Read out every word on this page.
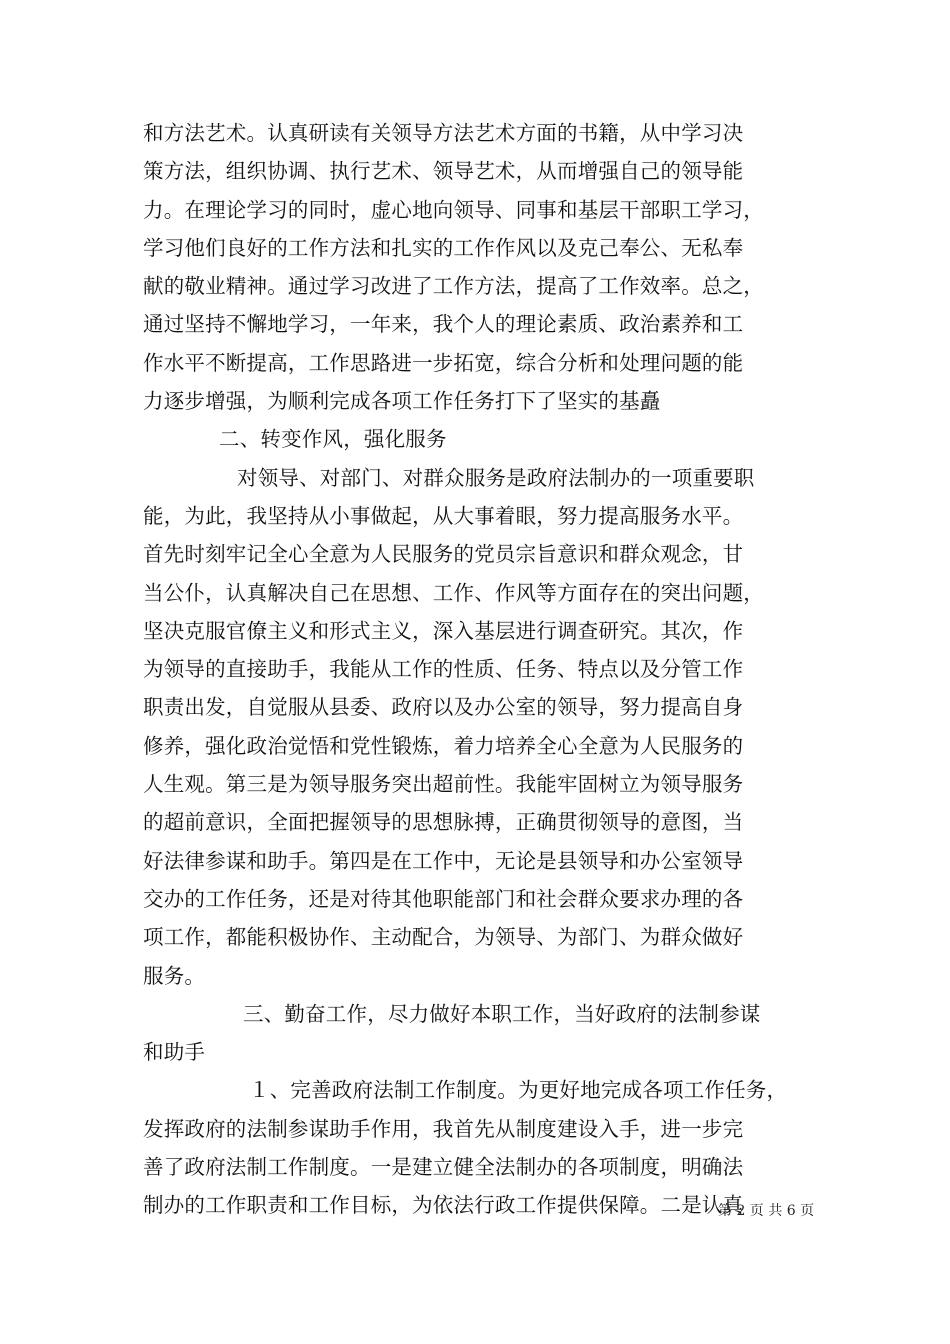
和方法艺术。认真研读有关领导方法艺术方面的书籍，从中学习决
策方法，组织协调、执行艺术、领导艺术，从而增强自己的领导能
力。在理论学习的同时，虚心地向领导、同事和基层干部职工学习，
学习他们良好的工作方法和扎实的工作作风以及克己奉公、无私奉
献的敬业精神。通过学习改进了工作方法，提高了工作效率。总之，
通过坚持不懈地学习，一年来，我个人的理论素质、政治素养和工
作水平不断提高，工作思路进一步拓宽，综合分析和处理问题的能
力逐步增强，为顺利完成各项工作任务打下了坚实的基矗
二、转变作风，强化服务
对领导、对部门、对群众服务是政府法制办的一项重要职
能，为此，我坚持从小事做起，从大事着眼，努力提高服务水平。
首先时刻牢记全心全意为人民服务的党员宗旨意识和群众观念，甘
当公仆，认真解决自己在思想、工作、作风等方面存在的突出问题，
坚决克服官僚主义和形式主义，深入基层进行调查研究。其次，作
为领导的直接助手，我能从工作的性质、任务、特点以及分管工作
职责出发，自觉服从县委、政府以及办公室的领导，努力提高自身
修养，强化政治觉悟和党性锻炼，着力培养全心全意为人民服务的
人生观。第三是为领导服务突出超前性。我能牢固树立为领导服务
的超前意识，全面把握领导的思想脉搏，正确贯彻领导的意图，当
好法律参谋和助手。第四是在工作中，无论是县领导和办公室领导
交办的工作任务，还是对待其他职能部门和社会群众要求办理的各
项工作，都能积极协作、主动配合，为领导、为部门、为群众做好
服务。
三、勤奋工作，尽力做好本职工作，当好政府的法制参谋
和助手
１、完善政府法制工作制度。为更好地完成各项工作任务，
发挥政府的法制参谋助手作用，我首先从制度建设入手，进一步完
善了政府法制工作制度。一是建立健全法制办的各项制度，明确法
制办的工作职责和工作目标，为依法行政工作提供保障。二是认真
第 2 页 共 6 页
